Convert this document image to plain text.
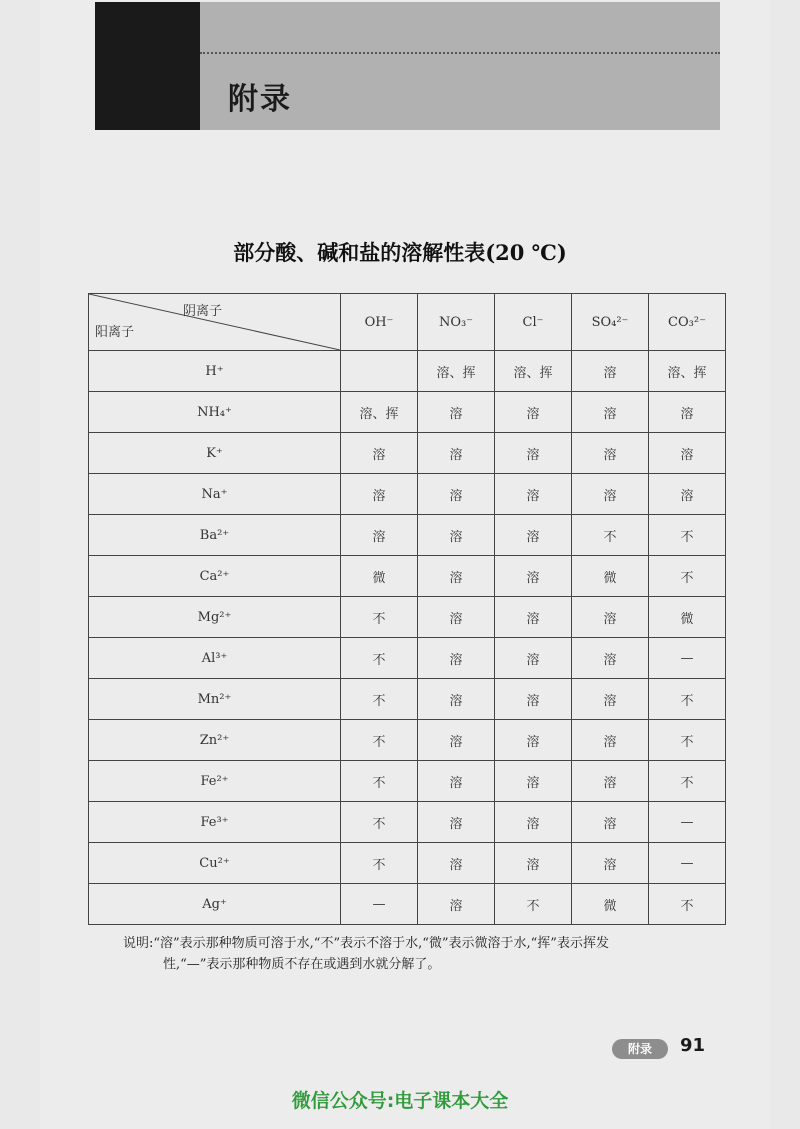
附录
部分酸、碱和盐的溶解性表(20 ℃)
阴离子
阳离子	OH⁻	NO₃⁻	Cl⁻	SO₄²⁻	CO₃²⁻
H⁺		溶、挥	溶、挥	溶	溶、挥
NH₄⁺	溶、挥	溶	溶	溶	溶
K⁺	溶	溶	溶	溶	溶
Na⁺	溶	溶	溶	溶	溶
Ba²⁺	溶	溶	溶	不	不
Ca²⁺	微	溶	溶	微	不
Mg²⁺	不	溶	溶	溶	微
Al³⁺	不	溶	溶	溶	—
Mn²⁺	不	溶	溶	溶	不
Zn²⁺	不	溶	溶	溶	不
Fe²⁺	不	溶	溶	溶	不
Fe³⁺	不	溶	溶	溶	—
Cu²⁺	不	溶	溶	溶	—
Ag⁺	—	溶	不	微	不
说明:“溶”表示那种物质可溶于水,“不”表示不溶于水,“微”表示微溶于水,“挥”表示挥发
性,“—”表示那种物质不存在或遇到水就分解了。
附录	91

微信公众号:电子课本大全
